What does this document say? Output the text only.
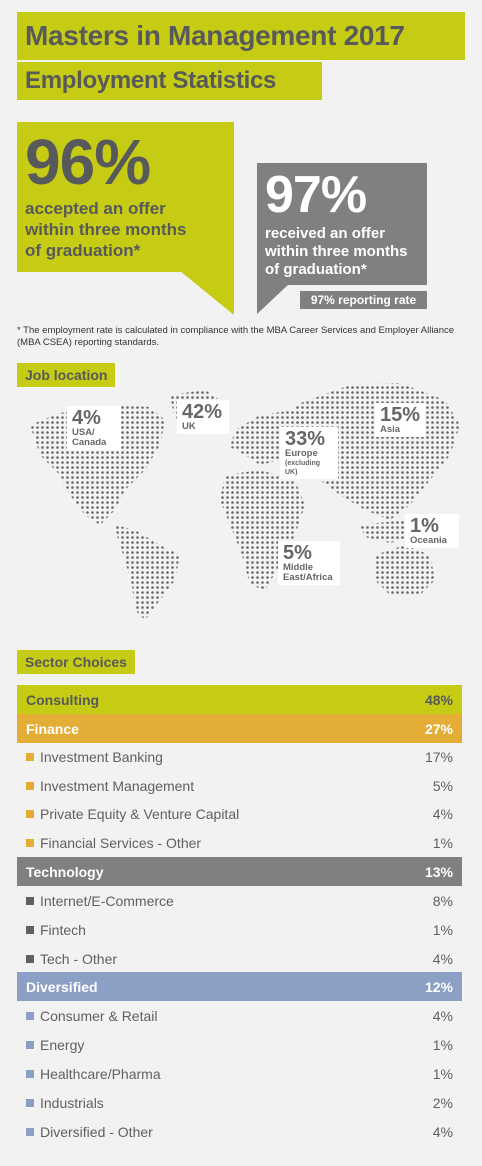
Masters in Management 2017
Employment Statistics
96%
accepted an offer
within three months
of graduation*
97%
received an offer
within three months
of graduation*
97% reporting rate
* The employment rate is calculated in compliance with the MBA Career Services and Employer Alliance (MBA CSEA) reporting standards.
Job location
4%
USA/
Canada
42%
UK
33%
Europe
(excluding UK)
15%
Asia
5%
Middle
East/Africa
1%
Oceania
Sector Choices
Consulting	48%
Finance	27%
Investment Banking	17%
Investment Management	5%
Private Equity & Venture Capital	4%
Financial Services - Other	1%
Technology	13%
Internet/E-Commerce	8%
Fintech	1%
Tech - Other	4%
Diversified	12%
Consumer & Retail	4%
Energy	1%
Healthcare/Pharma	1%
Industrials	2%
Diversified - Other	4%
